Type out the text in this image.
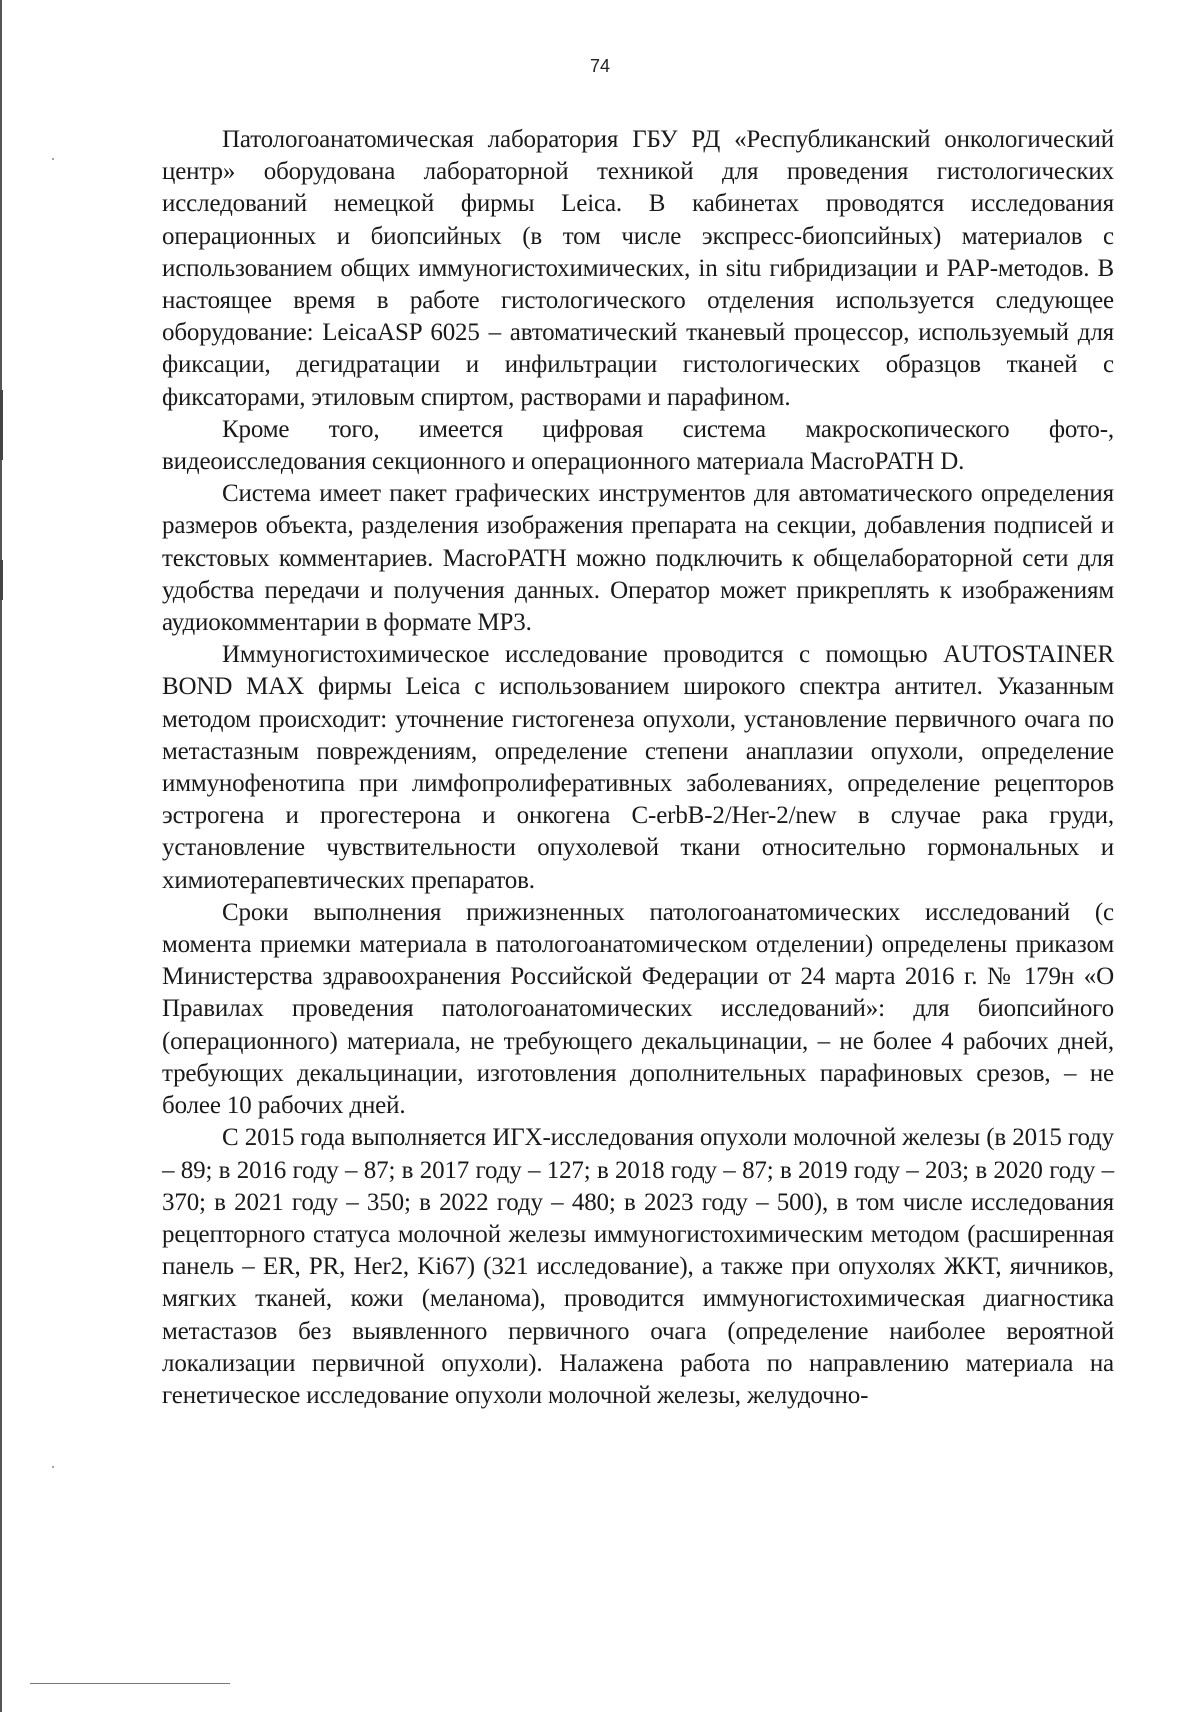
74

Патологоанатомическая лаборатория ГБУ РД «Республиканский онкологический центр» оборудована лабораторной техникой для проведения гистологических исследований немецкой фирмы Leica. В кабинетах проводятся исследования операционных и биопсийных (в том числе экспресс-биопсийных) материалов с использованием общих иммуногистохимических, in situ гибридизации и PAP-методов. В настоящее время в работе гистологического отделения используется следующее оборудование: LeicaASP 6025 – автоматический тканевый процессор, используемый для фиксации, дегидратации и инфильтрации гистологических образцов тканей с фиксаторами, этиловым спиртом, растворами и парафином.

Кроме того, имеется цифровая система макроскопического фото-, видеоисследования секционного и операционного материала MacroPATH D.

Система имеет пакет графических инструментов для автоматического определения размеров объекта, разделения изображения препарата на секции, добавления подписей и текстовых комментариев. MacroPATH можно подключить к общелабораторной сети для удобства передачи и получения данных. Оператор может прикреплять к изображениям аудиокомментарии в формате MP3.

Иммуногистохимическое исследование проводится с помощью AUTOSTAINER BOND MAX фирмы Leica с использованием широкого спектра антител. Указанным методом происходит: уточнение гистогенеза опухоли, установление первичного очага по метастазным повреждениям, определение степени анаплазии опухоли, определение иммунофенотипа при лимфопролиферативных заболеваниях, определение рецепторов эстрогена и прогестерона и онкогена C-erbB-2/Her-2/new в случае рака груди, установление чувствительности опухолевой ткани относительно гормональных и химиотерапевтических препаратов.

Сроки выполнения прижизненных патологоанатомических исследований (с момента приемки материала в патологоанатомическом отделении) определены приказом Министерства здравоохранения Российской Федерации от 24 марта 2016 г. № 179н «О Правилах проведения патологоанатомических исследований»: для биопсийного (операционного) материала, не требующего декальцинации, – не более 4 рабочих дней, требующих декальцинации, изготовления дополнительных парафиновых срезов, – не более 10 рабочих дней.

С 2015 года выполняется ИГХ-исследования опухоли молочной железы (в 2015 году – 89; в 2016 году – 87; в 2017 году – 127; в 2018 году – 87; в 2019 году – 203; в 2020 году – 370; в 2021 году – 350; в 2022 году – 480; в 2023 году – 500), в том числе исследования рецепторного статуса молочной железы иммуногистохимическим методом (расширенная панель – ER, PR, Her2, Ki67) (321 исследование), а также при опухолях ЖКТ, яичников, мягких тканей, кожи (меланома), проводится иммуногистохимическая диагностика метастазов без выявленного первичного очага (определение наиболее вероятной локализации первичной опухоли). Налажена работа по направлению материала на генетическое исследование опухоли молочной железы, желудочно-
